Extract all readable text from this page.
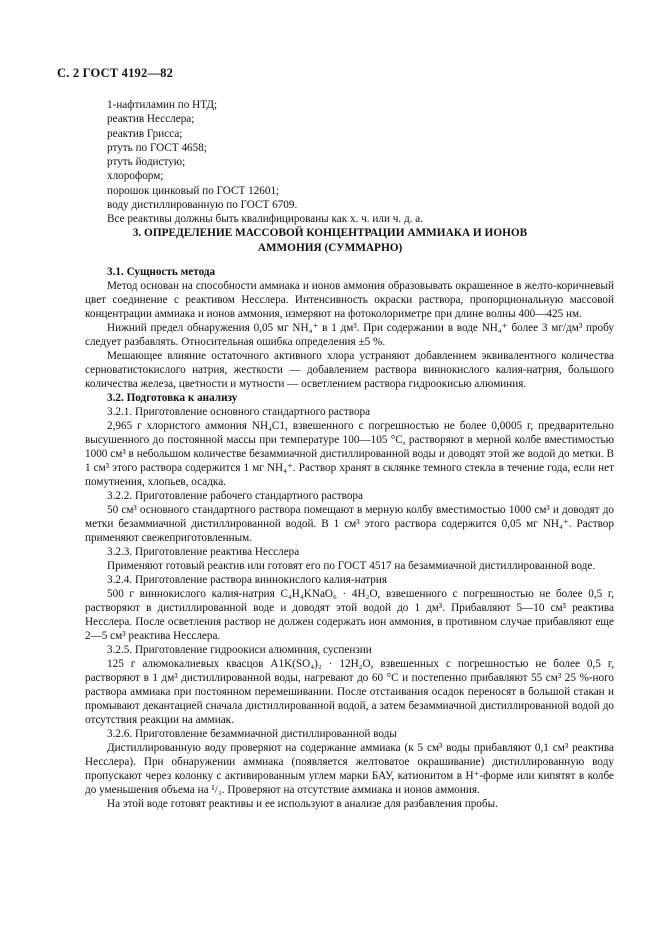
С. 2 ГОСТ 4192—82
1-нафтиламин по НТД;
реактив Несслера;
реактив Грисса;
ртуть по ГОСТ 4658;
ртуть йодистую;
хлороформ;
порошок цинковый по ГОСТ 12601;
воду дистиллированную по ГОСТ 6709.
Все реактивы должны быть квалифицированы как х. ч. или ч. д. а.
3. ОПРЕДЕЛЕНИЕ МАССОВОЙ КОНЦЕНТРАЦИИ АММИАКА И ИОНОВ АММОНИЯ (СУММАРНО)

3.1. Сущность метода

Метод основан на способности аммиака и ионов аммония образовывать окрашенное в желто-коричневый цвет соединение с реактивом Несслера. Интенсивность окраски раствора, пропорциональную массовой концентрации аммиака и ионов аммония, измеряют на фотоколориметре при длине волны 400—425 нм.

Нижний предел обнаружения 0,05 мг NH₄⁺ в 1 дм³. При содержании в воде NH₄⁺ более 3 мг/дм³ пробу следует разбавлять. Относительная ошибка определения ±5 %.

Мешающее влияние остаточного активного хлора устраняют добавлением эквивалентного количества серноватистокислого натрия, жесткости — добавлением раствора виннокислого калия-натрия, большого количества железа, цветности и мутности — осветлением раствора гидроокисью алюминия.

3.2. Подготовка к анализу

3.2.1. Приготовление основного стандартного раствора

2,965 г хлористого аммония NH₄C1, взвешенного с погрешностью не более 0,0005 г, предварительно высушенного до постоянной массы при температуре 100—105 °С, растворяют в мерной колбе вместимостью 1000 см³ в небольшом количестве безаммиачной дистиллированной воды и доводят этой же водой до метки. В 1 см³ этого раствора содержится 1 мг NH₄⁺. Раствор хранят в склянке темного стекла в течение года, если нет помутнения, хлопьев, осадка.

3.2.2. Приготовление рабочего стандартного раствора

50 см³ основного стандартного раствора помещают в мерную колбу вместимостью 1000 см³ и доводят до метки безаммиачной дистиллированной водой. В 1 см³ этого раствора содержится 0,05 мг NH₄⁺. Раствор применяют свежеприготовленным.

3.2.3. Приготовление реактива Несслера

Применяют готовый реактив или готовят его по ГОСТ 4517 на безаммиачной дистиллированной воде.

3.2.4. Приготовление раствора виннокислого калия-натрия

500 г виннокислого калия-натрия C₄H₄KNaO₆ · 4H₂O, взвешенного с погрешностью не более 0,5 г, растворяют в дистиллированной воде и доводят этой водой до 1 дм³. Прибавляют 5—10 см³ реактива Несслера. После осветления раствор не должен содержать ион аммония, в противном случае прибавляют еще 2—5 см³ реактива Несслера.

3.2.5. Приготовление гидроокиси алюминия, суспензии

125 г алюмокалиевых квасцов A1K(SO₄)₂ · 12H₂O, взвешенных с погрешностью не более 0,5 г, растворяют в 1 дм³ дистиллированной воды, нагревают до 60 °С и постепенно прибавляют 55 см³ 25 %-ного раствора аммиака при постоянном перемешивании. После отстаивания осадок переносят в большой стакан и промывают декантацией сначала дистиллированной водой, а затем безаммиачной дистиллированной водой до отсутствия реакции на аммиак.

3.2.6. Приготовление безаммиачной дистиллированной воды

Дистиллированную воду проверяют на содержание аммиака (к 5 см³ воды прибавляют 0,1 см³ реактива Несслера). При обнаружении аммиака (появляется желтоватое окрашивание) дистиллированную воду пропускают через колонку с активированным углем марки БАУ, катионитом в H⁺-форме или кипятят в колбе до уменьшения объема на ¹/₃. Проверяют на отсутствие аммиака и ионов аммония.

На этой воде готовят реактивы и ее используют в анализе для разбавления пробы.
